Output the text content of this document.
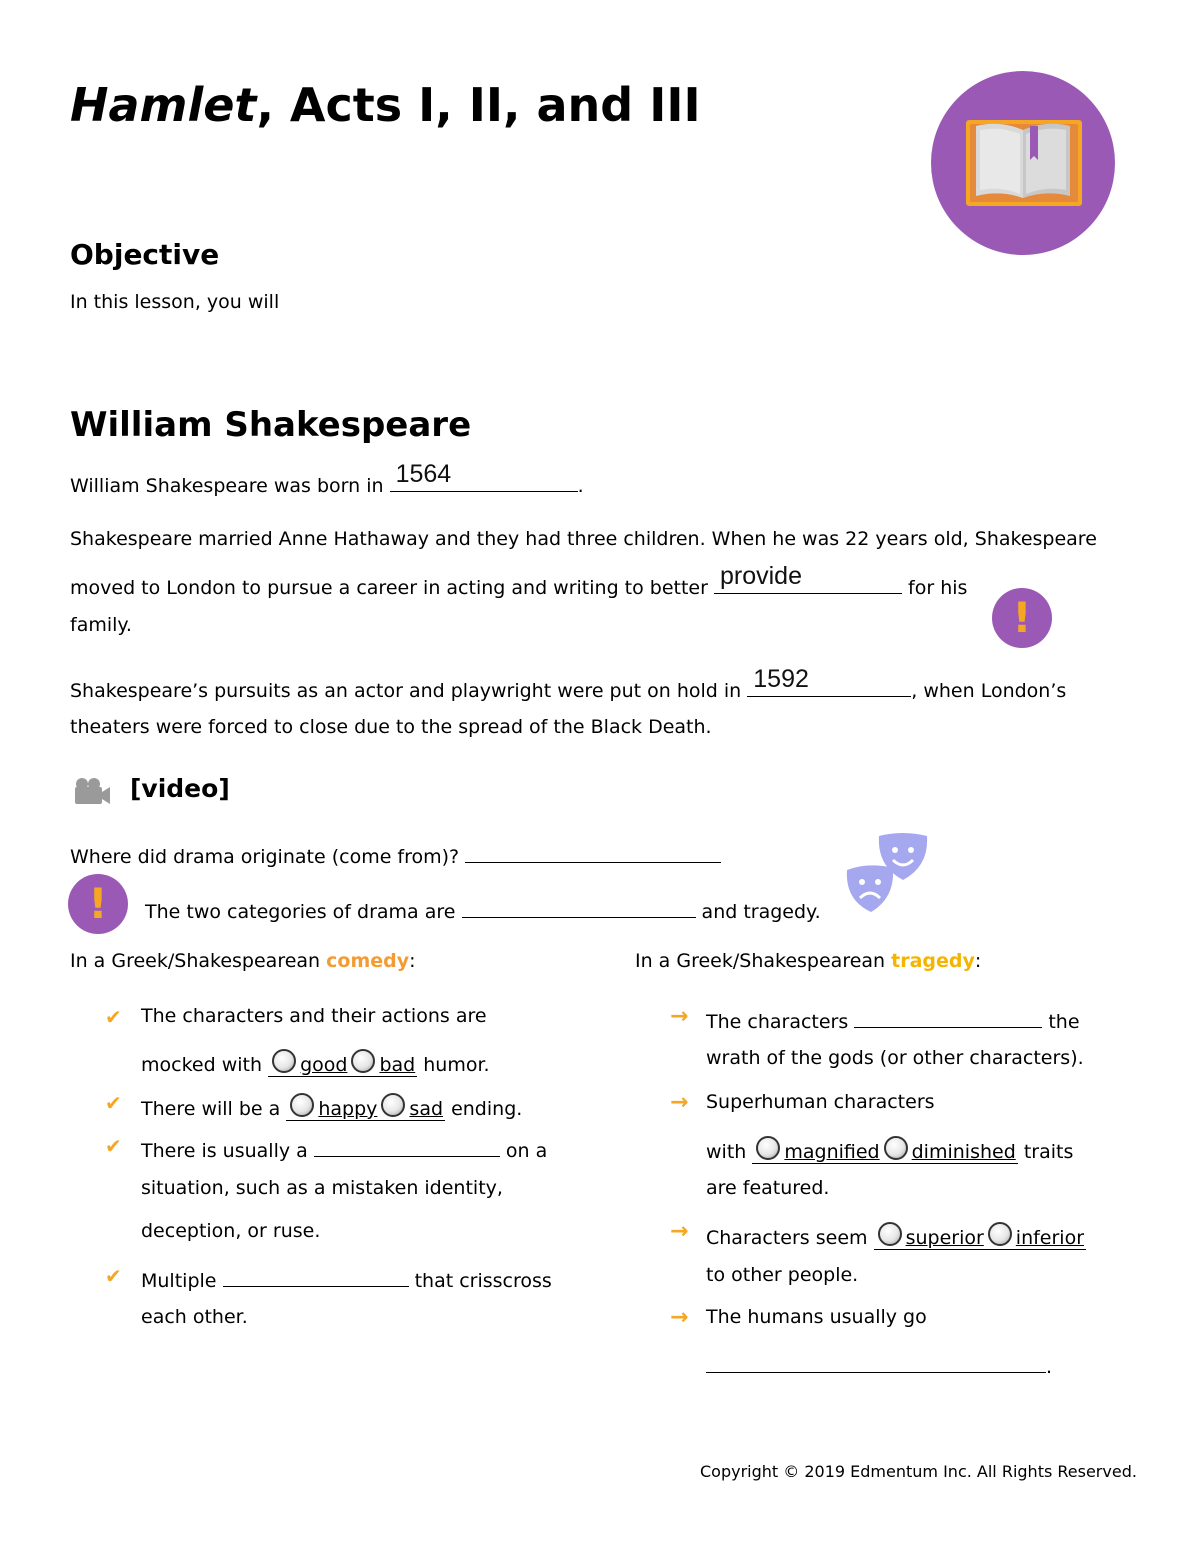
Hamlet, Acts I, II, and III
Objective
In this lesson, you will
William Shakespeare
William Shakespeare was born in 1564	.
Shakespeare married Anne Hathaway and they had three children. When he was 22 years old, Shakespeare
moved to London to pursue a career in acting and writing to better provide	for his
family.	!
Shakespeare’s pursuits as an actor and playwright were put on hold in 1592	, when London’s
theaters were forced to close due to the spread of the Black Death.
[video]
Where did drama originate (come from)?
!	The two categories of drama are	and tragedy.
In a Greek/Shakespearean comedy:
✔ The characters and their actions are
mocked with good bad humor.
✔ There will be a happy sad ending.
✔ There is usually a	on a
situation, such as a mistaken identity,
deception, or ruse.
✔ Multiple	that crisscross
each other.
In a Greek/Shakespearean tragedy:
→ The characters	the
wrath of the gods (or other characters).
→ Superhuman characters
with magnified diminished traits
are featured.
→ Characters seem superior inferior
to other people.
→ The humans usually go
.
Copyright © 2019 Edmentum Inc. All Rights Reserved.
